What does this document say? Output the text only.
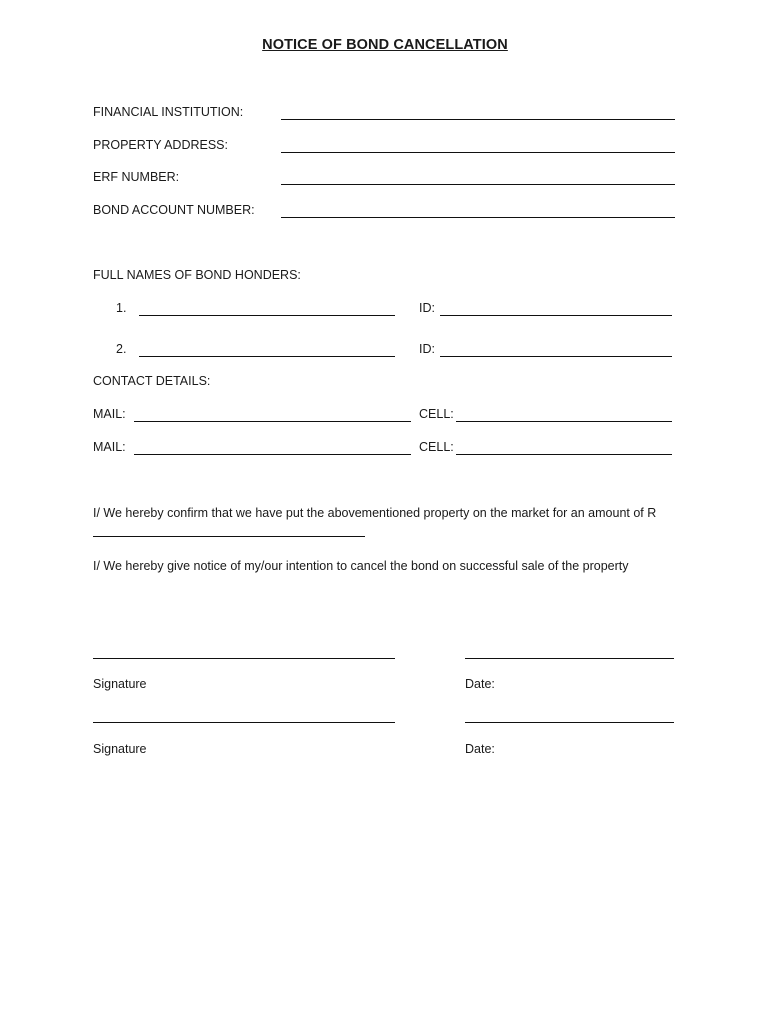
NOTICE OF BOND CANCELLATION
FINANCIAL INSTITUTION:
PROPERTY ADDRESS:
ERF NUMBER:
BOND ACCOUNT NUMBER:
FULL NAMES OF BOND HONDERS:
1.	ID:
2.	ID:
CONTACT DETAILS:
MAIL:	CELL:
MAIL:	CELL:
I/ We hereby confirm that we have put the abovementioned property on the market for an amount of R
I/ We hereby give notice of my/our intention to cancel the bond on successful sale of the property
Signature	Date:
Signature	Date:
